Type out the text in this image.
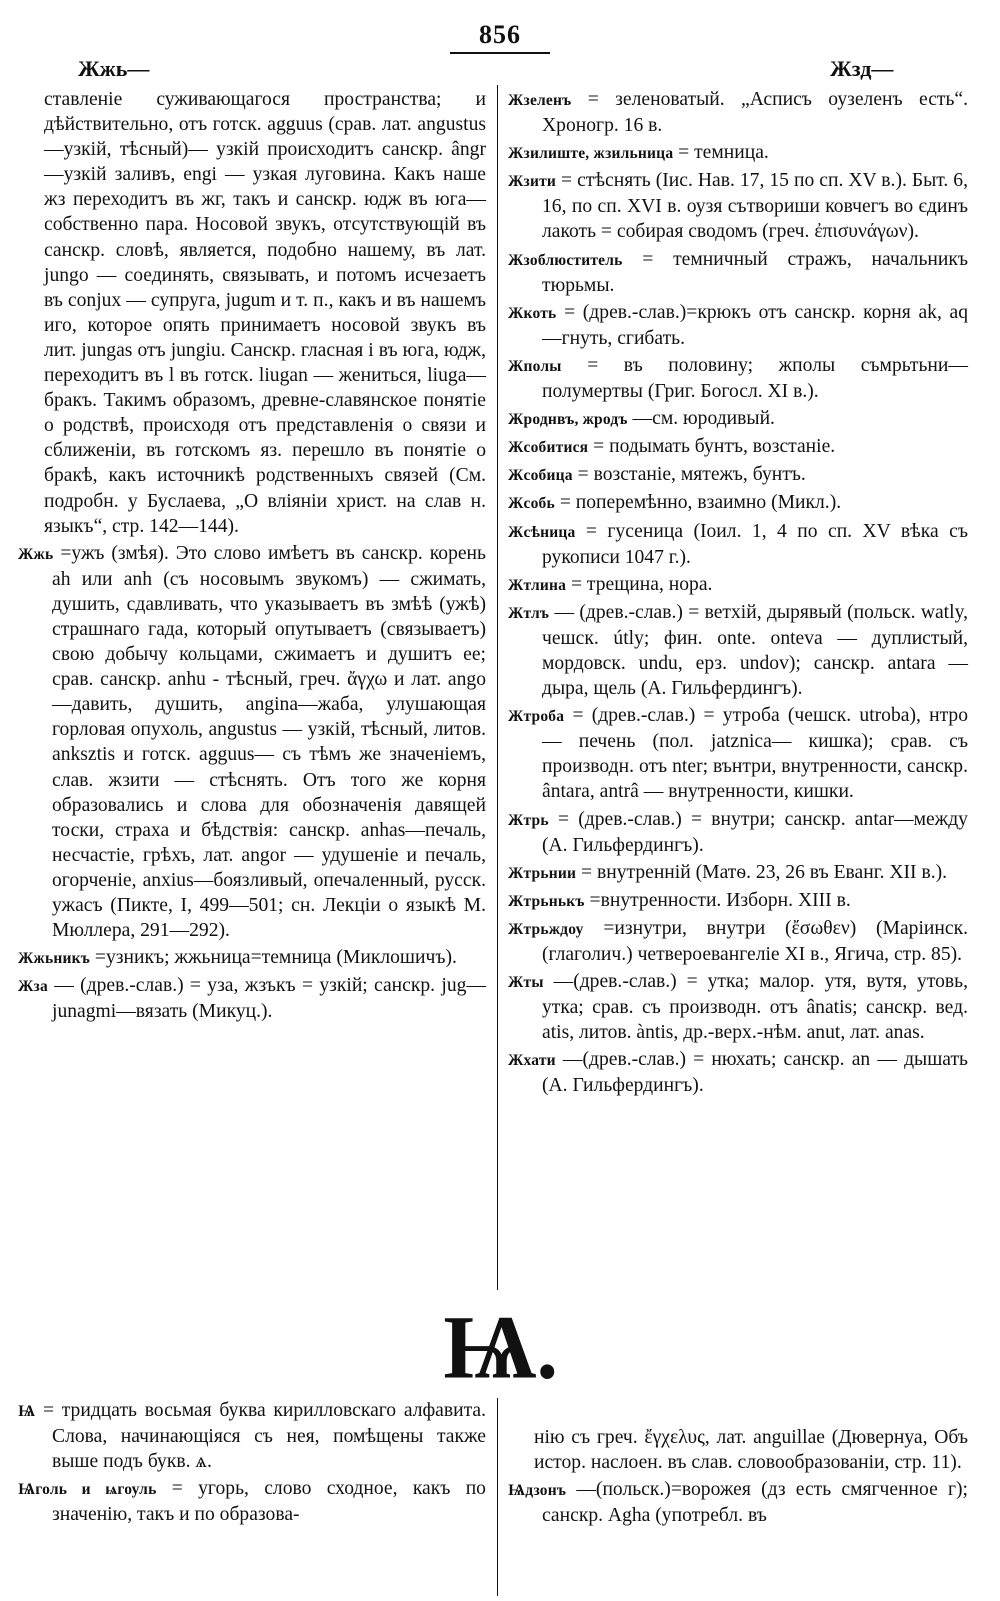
856
Жжь—	Жзд—

ставленіе суживающагося пространства; и дѣйствительно, отъ готск. agguus (срав. лат. angustus—узкій, тѣсный)— узкій происходитъ санскр. ângr—узкій заливъ, engi — узкая луговина. Какъ наше жз переходитъ въ жг, такъ и санскр. юдж въ юга—собственно пара. Носовой звукъ, отсутствующій въ санскр. словѣ, является, подобно нашему, въ лат. jungo — соединять, связывать, и потомъ исчезаетъ въ conjux — супруга, jugum и т. п., какъ и въ нашемъ иго, которое опять принимаетъ носовой звукъ въ лит. jungas отъ jungiu. Санскр. гласная і въ юга, юдж, переходитъ въ l въ готск. liugan — жениться, liuga— бракъ. Такимъ образомъ, древне-славянское понятіе о родствѣ, происходя отъ представленія о связи и сближеніи, въ готскомъ яз. перешло въ понятіе о бракѣ, какъ источникѣ родственныхъ связей (См. подробн. у Буслаева, „О вліяніи христ. на слав н. языкъ“, стр. 142—144).

Жжь =ужъ (змѣя). Это слово имѣетъ въ санскр. корень ah или anh (съ носовымъ звукомъ) — сжимать, душить, сдавливать, что указываетъ въ змѣѣ (ужѣ) страшнаго гада, который опутываетъ (связываетъ) свою добычу кольцами, сжимаетъ и душитъ ее; срав. санскр. anhu - тѣсный, греч. ἄγχω и лат. ango—давить, душить, angina—жаба, улушающая горловая опухоль, angustus — узкій, тѣсный, литов. anksztis и готск. agguus— съ тѣмъ же значеніемъ, слав. жзити — стѣснять. Отъ того же корня образовались и слова для обозначенія давящей тоски, страха и бѣдствія: санскр. anhas—печаль, несчастіе, грѣхъ, лат. angor — удушеніе и печаль, огорченіе, anxius—боязливый, опечаленный, русск. ужасъ (Пикте, I, 499—501; сн. Лекціи о языкѣ М. Мюллера, 291—292).

Жжьникъ =узникъ; жжьница=темница (Миклошичъ).

Жза — (древ.-слав.) = уза, жзъкъ = узкій; санскр. jug—junagmi—вязать (Микуц.).

Жзеленъ = зеленоватый. „Асписъ оузеленъ есть“. Хроногр. 16 в.

Жзилиште, жзильница = темница.

Жзити = стѣснять (Іис. Нав. 17, 15 по сп. XV в.). Быт. 6, 16, по сп. XVI в. оузя сътвориши ковчегъ во єдинъ лакоть = собирая сводомъ (греч. ἐπισυνάγων).

Жзоблюститель = темничный стражъ, начальникъ тюрьмы.

Жкоть = (древ.-слав.)=крюкъ отъ санскр. корня ak, aq—гнуть, сгибать.

Жполы = въ половину; жполы съмрьтьни— полумертвы (Григ. Богосл. XI в.).

Жроднвъ, жродъ —см. юродивый.

Жсобитися = подымать бунтъ, возстаніе.

Жсобица = возстаніе, мятежъ, бунтъ.

Жсобь = поперемѣнно, взаимно (Микл.).

Жсѣница = гусеница (Іоил. 1, 4 по сп. XV вѣка съ рукописи 1047 г.).

Жтлина = трещина, нора.

Жтлъ — (древ.-слав.) = ветхій, дырявый (польск. watly, чешск. útly; фин. onte. onteva — дуплистый, мордовск. undu, ерз. undov); санскр. antara — дыра, щель (А. Гильфердингъ).

Жтроба = (древ.-слав.) = утроба (чешск. utroba), нтро — печень (пол. jatznica— кишка); срав. съ производн. отъ nter; вънтри, внутренности, санскр. ântara, antrâ — внутренности, кишки.

Жтрь = (древ.-слав.) = внутри; санскр. antar—между (А. Гильфердингъ).

Жтрьнии = внутренній (Матѳ. 23, 26 въ Еванг. XII в.).

Жтрьнькъ =внутренности. Изборн. XIII в.

Жтрьждоу =изнутри, внутри (ἔσωθεν) (Маріинск. (глаголич.) четвероевангеліе XI в., Ягича, стр. 85).

Жты —(древ.-слав.) = утка; малор. утя, вутя, утовь, утка; срав. съ производн. отъ ânatis; санскр. вед. atis, литов. àntis, др.-верх.-нѣм. anut, лат. anas.

Жхати —(древ.-слав.) = нюхать; санскр. an — дышать (А. Гильфердингъ).

Ѩ.

Ѩ = тридцать восьмая буква кирилловскаго алфавита. Слова, начинающіяся съ нея, помѣщены также выше подъ букв. ѧ.

Ѩголь и ѩгоуль = угорь, слово сходное, какъ по значенію, такъ и по образова-

нію съ греч. ἔγχελυς, лат. anguillae (Дювернуа, Объ истор. наслоен. въ слав. словообразованіи, стр. 11).

Ѩдзонъ —(польск.)=ворожея (дз есть смягченное г); санскр. Agha (употребл. въ
